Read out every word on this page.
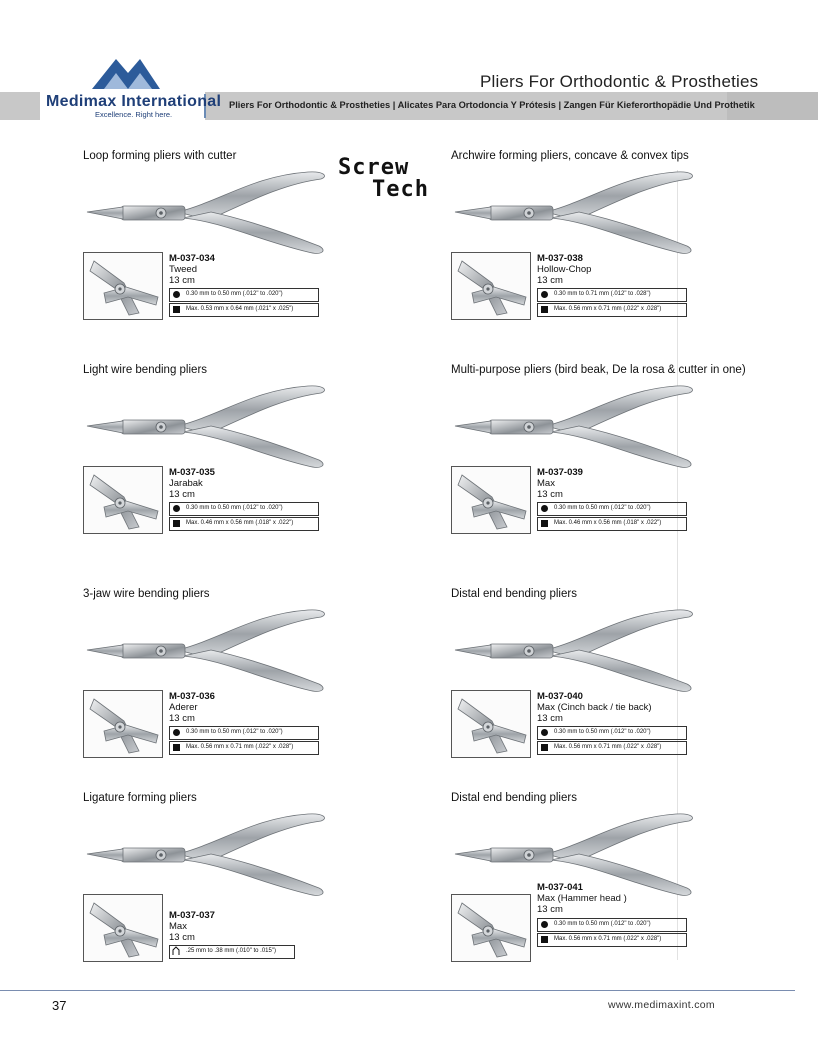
Pliers For Orthodontic & Prostheties
Medimax International
Excellence. Right here.
Pliers For Orthodontic & Prostheties | Alicates Para Ortodoncia Y Prótesis | Zangen Für Kieferorthopädie Und Prothetik
Screw
Tech
Loop forming pliers with cutter
M-037-034
Tweed
13 cm
0.30 mm to 0.50 mm (.012" to .020")
Max. 0.53 mm x 0.64 mm (.021" x .025")
Archwire forming pliers, concave & convex tips
M-037-038
Hollow-Chop
13 cm
0.30 mm to 0.71 mm (.012" to .028")
Max. 0.56 mm x 0.71 mm (.022" x .028")
Light wire bending pliers
M-037-035
Jarabak
13 cm
0.30 mm to 0.50 mm (.012" to .020")
Max. 0.46 mm x 0.56 mm (.018" x .022")
Multi-purpose pliers (bird beak, De la rosa & cutter in one)
M-037-039
Max
13 cm
0.30 mm to 0.50 mm (.012" to .020")
Max. 0.46 mm x 0.56 mm (.018" x .022")
3-jaw wire bending pliers
M-037-036
Aderer
13 cm
0.30 mm to 0.50 mm (.012" to .020")
Max. 0.56 mm x 0.71 mm (.022" x .028")
Distal end bending pliers
M-037-040
Max (Cinch back / tie back)
13 cm
0.30 mm to 0.50 mm (.012" to .020")
Max. 0.56 mm x 0.71 mm (.022" x .028")
Ligature forming pliers
M-037-037
Max
13 cm
.25 mm to .38 mm (.010" to .015")
Distal end bending pliers
M-037-041
Max (Hammer head )
13 cm
0.30 mm to 0.50 mm (.012" to .020")
Max. 0.56 mm x 0.71 mm (.022" x .028")
37	www.medimaxint.com
